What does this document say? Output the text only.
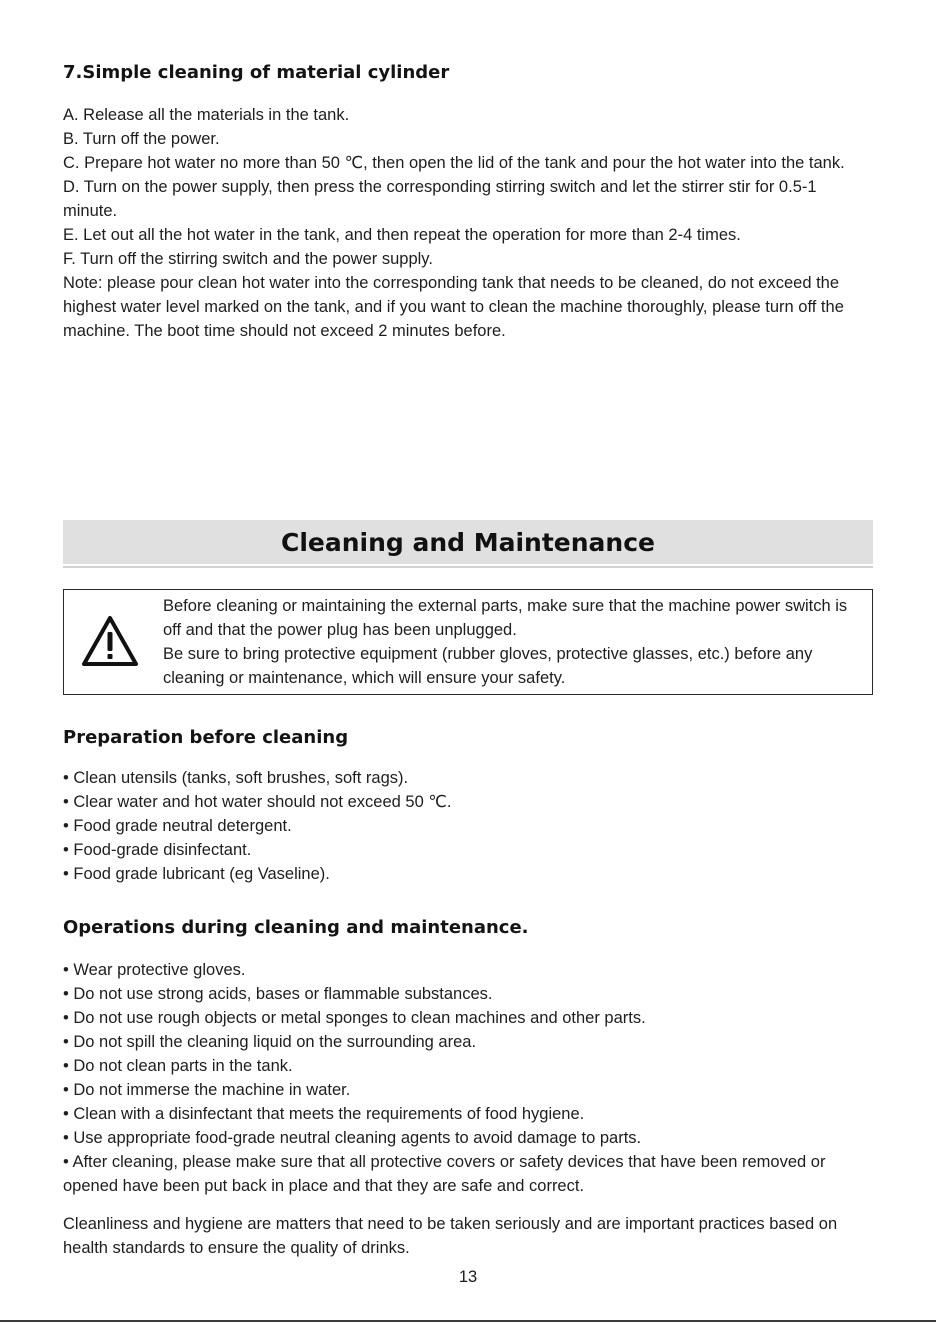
7.Simple cleaning of material cylinder

A. Release all the materials in the tank.

B. Turn off the power.

C. Prepare hot water no more than 50 ℃, then open the lid of the tank and pour the hot water into the tank.

D. Turn on the power supply, then press the corresponding stirring switch and let the stirrer stir for 0.5-1 minute.

E. Let out all the hot water in the tank, and then repeat the operation for more than 2-4 times.

F. Turn off the stirring switch and the power supply.

Note: please pour clean hot water into the corresponding tank that needs to be cleaned, do not exceed the highest water level marked on the tank, and if you want to clean the machine thoroughly, please turn off the machine. The boot time should not exceed 2 minutes before.

Cleaning and Maintenance

Before cleaning or maintaining the external parts, make sure that the machine power switch is off and that the power plug has been unplugged.

Be sure to bring protective equipment (rubber gloves, protective glasses, etc.) before any cleaning or maintenance, which will ensure your safety.

Preparation before cleaning
• Clean utensils (tanks, soft brushes, soft rags).
• Clear water and hot water should not exceed 50 ℃.
• Food grade neutral detergent.
• Food-grade disinfectant.
• Food grade lubricant (eg Vaseline).
Operations during cleaning and maintenance.
• Wear protective gloves.
• Do not use strong acids, bases or flammable substances.
• Do not use rough objects or metal sponges to clean machines and other parts.
• Do not spill the cleaning liquid on the surrounding area.
• Do not clean parts in the tank.
• Do not immerse the machine in water.
• Clean with a disinfectant that meets the requirements of food hygiene.
• Use appropriate food-grade neutral cleaning agents to avoid damage to parts.
• After cleaning, please make sure that all protective covers or safety devices that have been removed or opened have been put back in place and that they are safe and correct.

Cleanliness and hygiene are matters that need to be taken seriously and are important practices based on health standards to ensure the quality of drinks.

13
